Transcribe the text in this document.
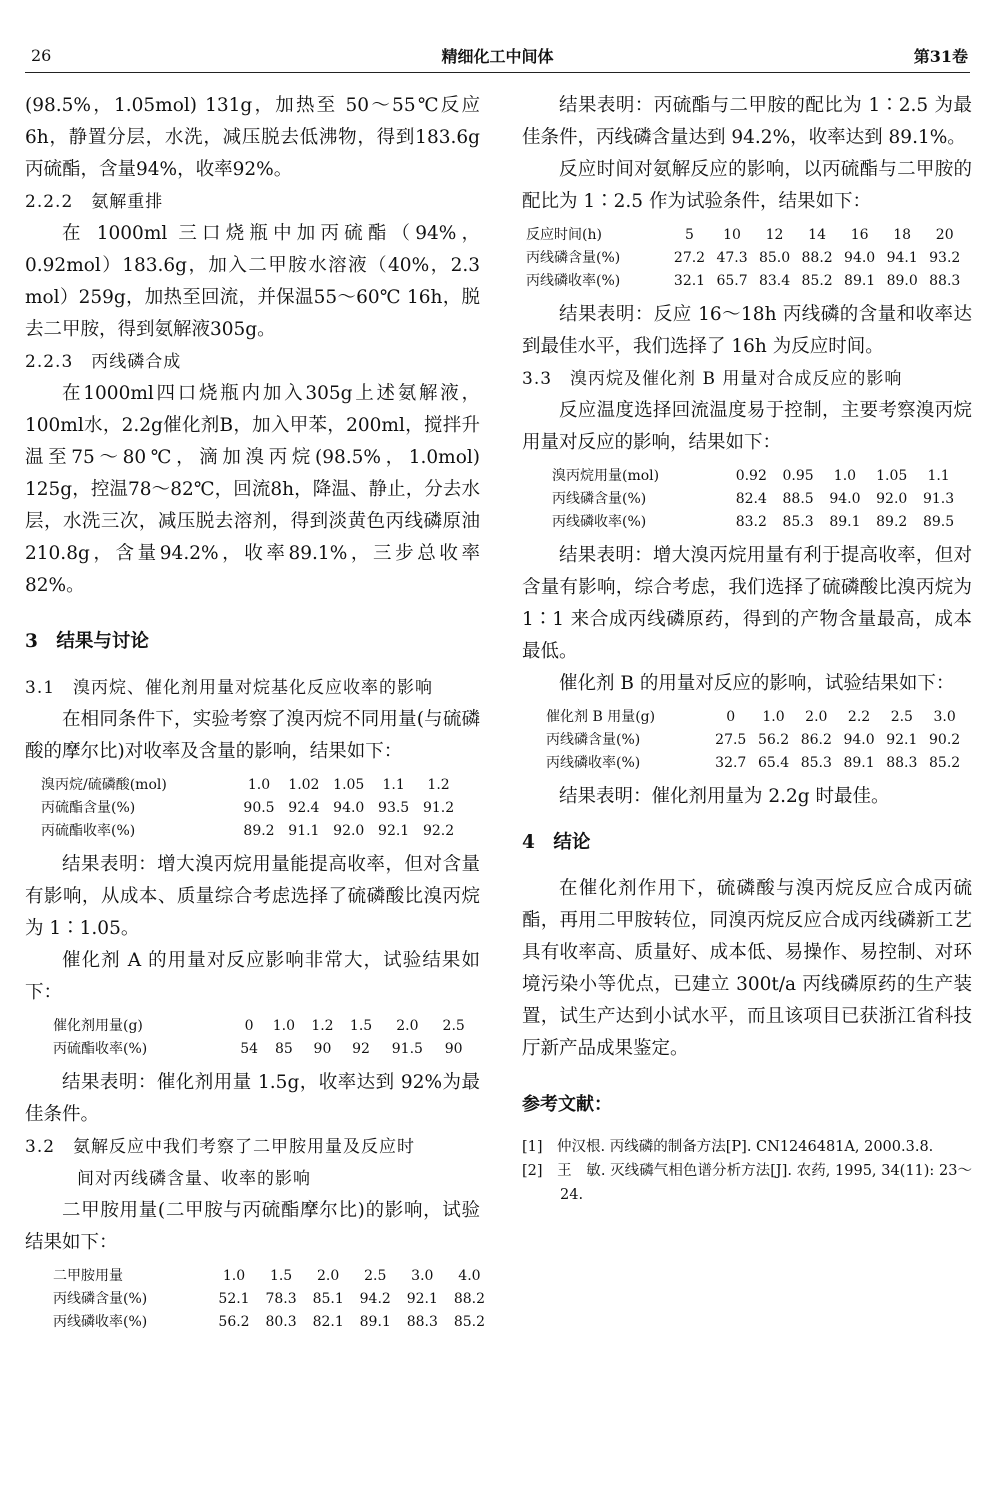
26	精细化工中间体	第31卷

(98.5%，1.05mol) 131g，加热至 50～55℃反应 6h，静置分层，水洗，减压脱去低沸物，得到183.6g 丙硫酯，含量94%，收率92%。

2.2.2　氨解重排

在 1000ml 三口烧瓶中加丙硫酯（94%，0.92mol）183.6g，加入二甲胺水溶液（40%，2.3 mol）259g，加热至回流，并保温55～60℃ 16h，脱去二甲胺，得到氨解液305g。

2.2.3　丙线磷合成

在1000ml四口烧瓶内加入305g上述氨解液，100ml水，2.2g催化剂B，加入甲苯，200ml，搅拌升温至75～80℃，滴加溴丙烷(98.5%，1.0mol) 125g，控温78～82℃，回流8h，降温、静止，分去水层，水洗三次，减压脱去溶剂，得到淡黄色丙线磷原油210.8g，含量94.2%，收率89.1%，三步总收率82%。

3　结果与讨论

3.1　溴丙烷、催化剂用量对烷基化反应收率的影响

在相同条件下，实验考察了溴丙烷不同用量(与硫磷酸的摩尔比)对收率及含量的影响，结果如下：

溴丙烷/硫磷酸(mol)	1.0	1.02	1.05	1.1	1.2
丙硫酯含量(%)	90.5	92.4	94.0	93.5	91.2
丙硫酯收率(%)	89.2	91.1	92.0	92.1	92.2

结果表明：增大溴丙烷用量能提高收率，但对含量有影响，从成本、质量综合考虑选择了硫磷酸比溴丙烷为 1∶1.05。

催化剂 A 的用量对反应影响非常大，试验结果如下：

催化剂用量(g)	0	1.0	1.2	1.5	2.0	2.5
丙硫酯收率(%)	54	85	90	92	91.5	90

结果表明：催化剂用量 1.5g，收率达到 92%为最佳条件。

3.2　氨解反应中我们考察了二甲胺用量及反应时

间对丙线磷含量、收率的影响

二甲胺用量(二甲胺与丙硫酯摩尔比)的影响，试验结果如下：

二甲胺用量	1.0	1.5	2.0	2.5	3.0	4.0
丙线磷含量(%)	52.1	78.3	85.1	94.2	92.1	88.2
丙线磷收率(%)	56.2	80.3	82.1	89.1	88.3	85.2

结果表明：丙硫酯与二甲胺的配比为 1∶2.5 为最佳条件，丙线磷含量达到 94.2%，收率达到 89.1%。

反应时间对氨解反应的影响，以丙硫酯与二甲胺的配比为 1∶2.5 作为试验条件，结果如下：

反应时间(h)	5	10	12	14	16	18	20
丙线磷含量(%)	27.2	47.3	85.0	88.2	94.0	94.1	93.2
丙线磷收率(%)	32.1	65.7	83.4	85.2	89.1	89.0	88.3

结果表明：反应 16～18h 丙线磷的含量和收率达到最佳水平，我们选择了 16h 为反应时间。

3.3　溴丙烷及催化剂 B 用量对合成反应的影响

反应温度选择回流温度易于控制，主要考察溴丙烷用量对反应的影响，结果如下：

溴丙烷用量(mol)	0.92	0.95	1.0	1.05	1.1
丙线磷含量(%)	82.4	88.5	94.0	92.0	91.3
丙线磷收率(%)	83.2	85.3	89.1	89.2	89.5

结果表明：增大溴丙烷用量有利于提高收率，但对含量有影响，综合考虑，我们选择了硫磷酸比溴丙烷为 1∶1 来合成丙线磷原药，得到的产物含量最高，成本最低。

催化剂 B 的用量对反应的影响，试验结果如下：

催化剂 B 用量(g)	0	1.0	2.0	2.2	2.5	3.0
丙线磷含量(%)	27.5	56.2	86.2	94.0	92.1	90.2
丙线磷收率(%)	32.7	65.4	85.3	89.1	88.3	85.2

结果表明：催化剂用量为 2.2g 时最佳。

4　结论

在催化剂作用下，硫磷酸与溴丙烷反应合成丙硫酯，再用二甲胺转位，同溴丙烷反应合成丙线磷新工艺具有收率高、质量好、成本低、易操作、易控制、对环境污染小等优点，已建立 300t/a 丙线磷原药的生产装置，试生产达到小试水平，而且该项目已获浙江省科技厅新产品成果鉴定。

参考文献：

[1]　仲汉根. 丙线磷的制备方法[P]. CN1246481A, 2000.3.8.

[2]　王　敏. 灭线磷气相色谱分析方法[J]. 农药, 1995, 34(11): 23～24.
